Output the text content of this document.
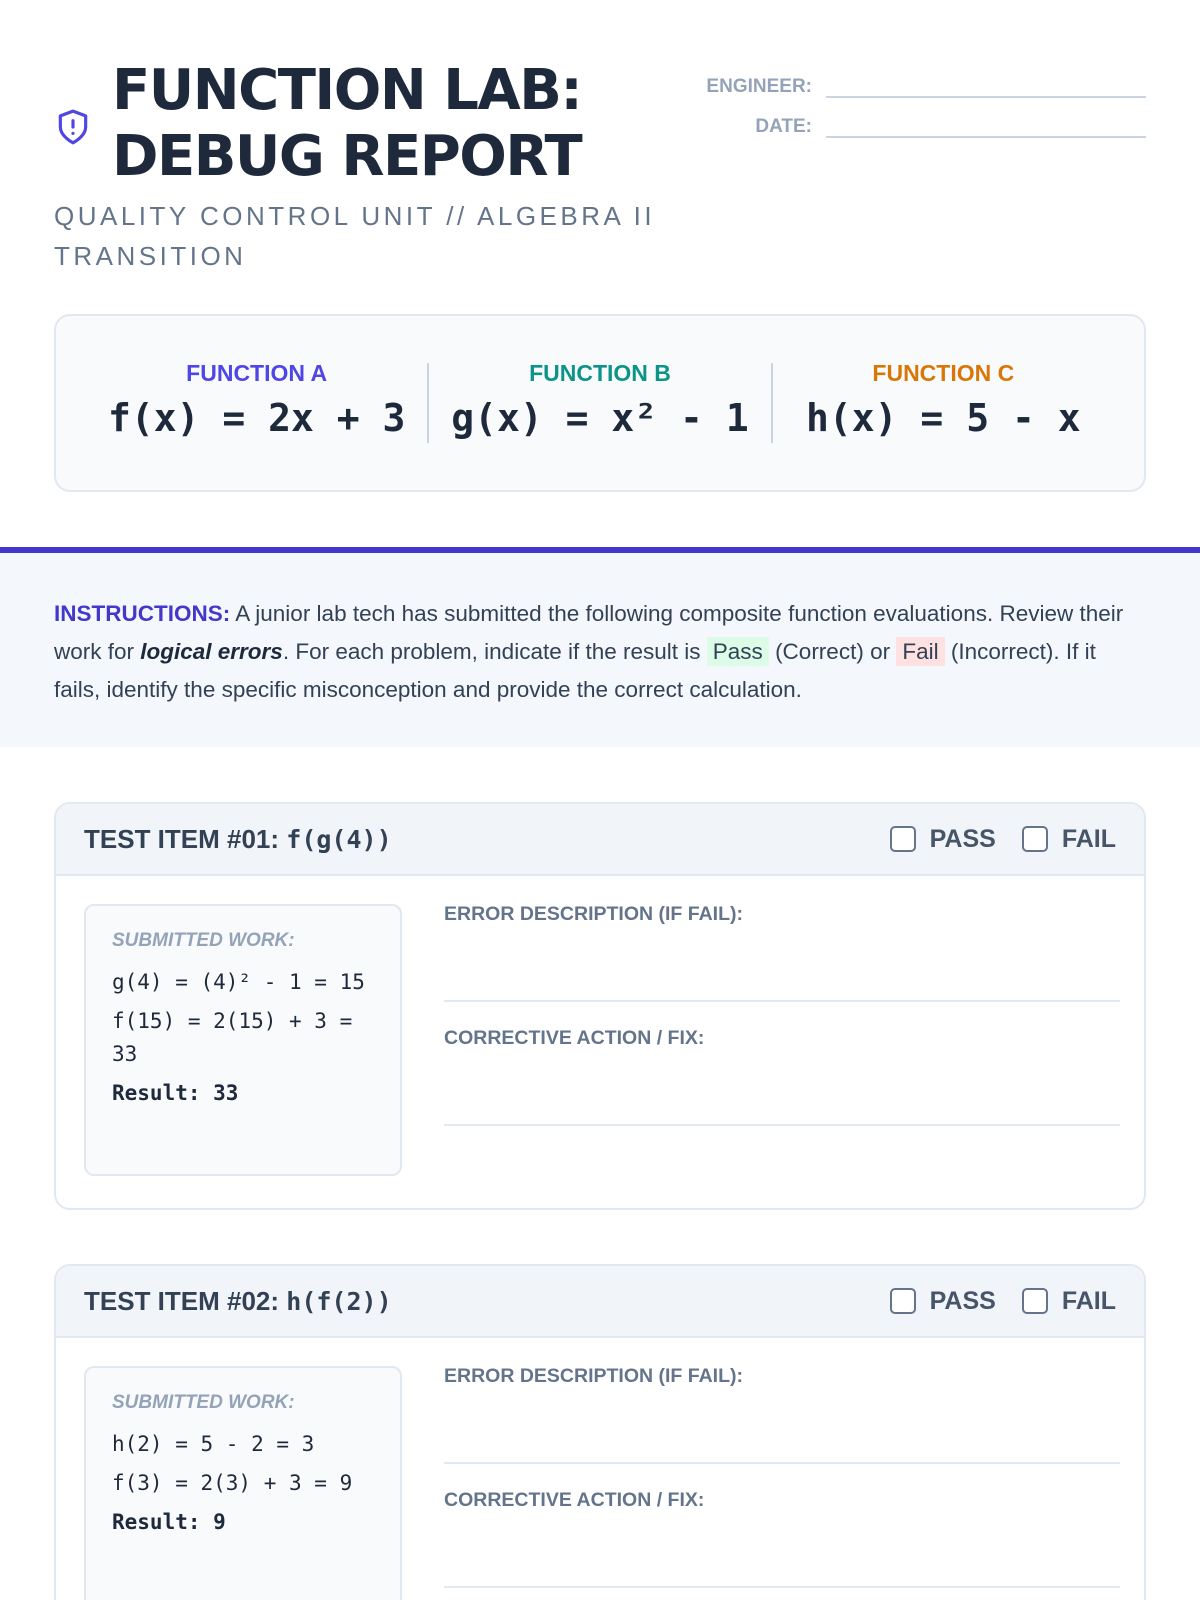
FUNCTION LAB: DEBUG REPORT
QUALITY CONTROL UNIT // ALGEBRA II TRANSITION
ENGINEER:
DATE:
FUNCTION A
f(x) = 2x + 3
FUNCTION B
g(x) = x² - 1
FUNCTION C
h(x) = 5 - x

INSTRUCTIONS: A junior lab tech has submitted the following composite function evaluations. Review their work for logical errors. For each problem, indicate if the result is Pass (Correct) or Fail (Incorrect). If it fails, identify the specific misconception and provide the correct calculation.

TEST ITEM #01: f(g(4))	PASS	FAIL
SUBMITTED WORK:
g(4) = (4)² - 1 = 15
f(15) = 2(15) + 3 = 33
Result: 33
ERROR DESCRIPTION (IF FAIL):
CORRECTIVE ACTION / FIX:
TEST ITEM #02: h(f(2))	PASS	FAIL
SUBMITTED WORK:
h(2) = 5 - 2 = 3
f(3) = 2(3) + 3 = 9
Result: 9
ERROR DESCRIPTION (IF FAIL):
CORRECTIVE ACTION / FIX:
